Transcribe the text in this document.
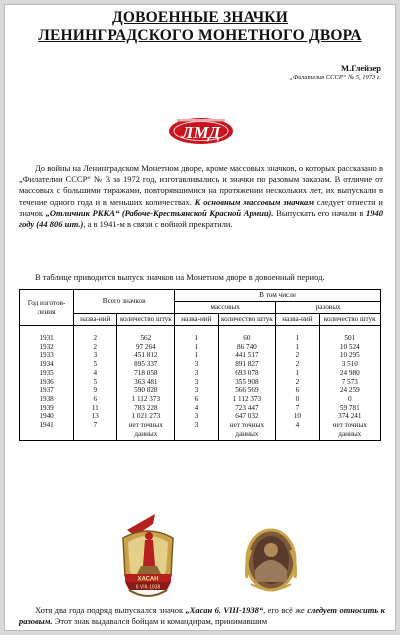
ДОВОЕННЫЕ ЗНАЧКИ
ЛЕНИНГРАДСКОГО МОНЕТНОГО ДВОРА
М.Глейзер
„Филателия СССР“ № 5, 1973 г.
ЛМД
До войны на Ленинградском Монетном дворе, кроме массовых значков, о которых рассказано в „Филателии СССР“ № 3 за 1972 год, изготавливались и значки по разовым заказам. В отличие от массовых с большими тиражами, повторявшимися на протяжении нескольких лет, их выпускали в течение одного года и в меньших количествах. К основным массовым значкам следует отнести и значок „Отличник РККА“ (Рабоче-Крестьянской Красной Армии). Выпускать его начали в 1940 году (44 806 шт.), а в 1941-м в связи с войной прекратили.
В таблице приводится выпуск значков на Монетном дворе в довоенный период.
Год изготов-ления	Всего значков		В том числе			
			массовых		разовых	
	назва-ний	количество штук	назва-ний	количество штук	назва-ний	количество штук
1931	2	562	1	60	1	501
1932	2	97 264	1	86 740	1	10 524
1933	3	451 812	1	441 517	2	10 295
1934	5	895 337	3	891 827	2	3 510
1935	4	718 058	3	693 078	1	24 980
1936	5	363 481	3	355 908	2	7 573
1937	9	590 828	3	566 569	6	24 259
1938	6	1 112 373	6	1 112 373	0	0
1939	11	783 228	4	723 447	7	59 781
1940	13	1 021 273	3	647 032	10	374 241
1941	7	нет точных данных	3	нет точных данных	4	нет точных данных
ХАСАН
6 VIII-1938
Хотя два года подряд выпускался значок „Хасан 6. VIII-1938“, его всё же следует относить к разовым. Этот знак выдавался бойцам и командирам, принимавшим
